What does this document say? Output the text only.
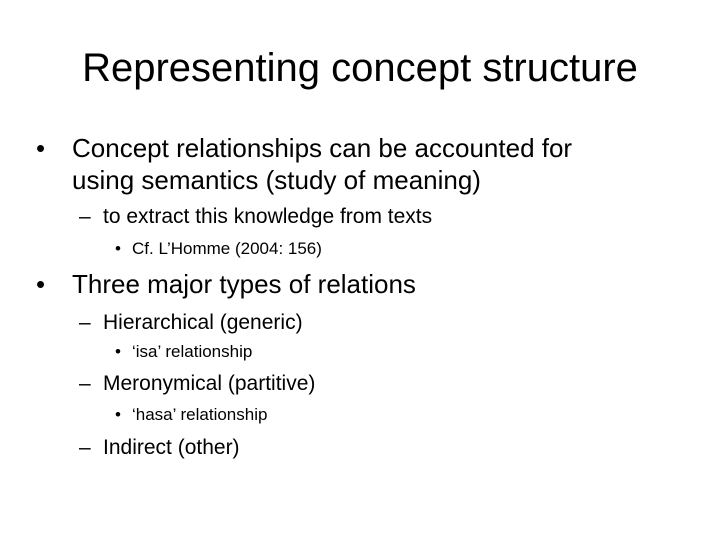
Representing concept structure
• Concept relationships can be accounted for
using semantics (study of meaning)
– to extract this knowledge from texts
• Cf. L’Homme (2004: 156)
• Three major types of relations
– Hierarchical (generic)
• ‘isa’ relationship
– Meronymical (partitive)
• ‘hasa’ relationship
– Indirect (other)
